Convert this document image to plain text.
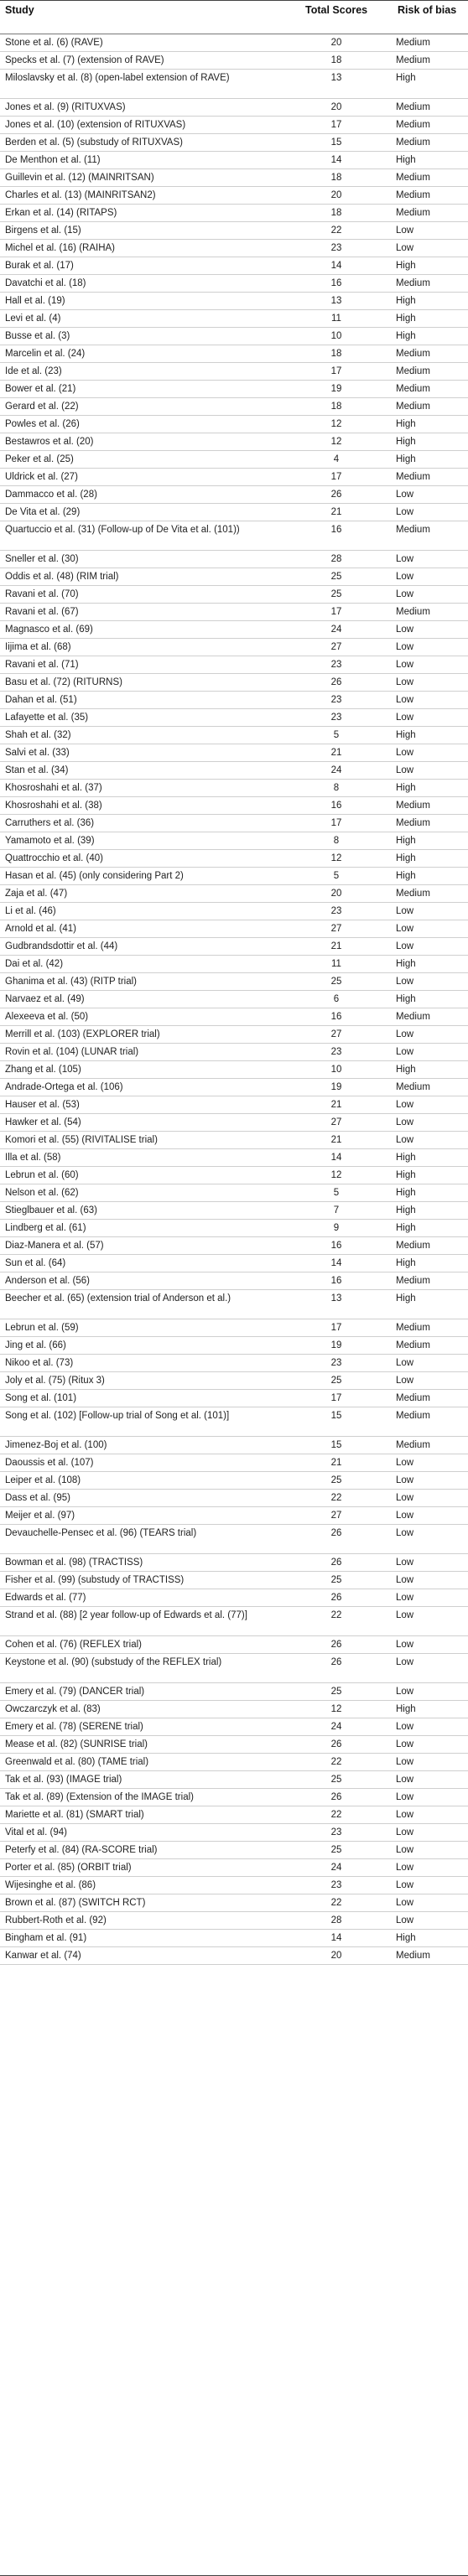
Study	Total Scores	Risk of bias
Stone et al. (6) (RAVE)	20	Medium
Specks et al. (7) (extension of RAVE)	18	Medium
Miloslavsky et al. (8) (open-label extension of RAVE)	13	High
Jones et al. (9) (RITUXVAS)	20	Medium
Jones et al. (10) (extension of RITUXVAS)	17	Medium
Berden et al. (5) (substudy of RITUXVAS)	15	Medium
De Menthon et al. (11)	14	High
Guillevin et al. (12) (MAINRITSAN)	18	Medium
Charles et al. (13) (MAINRITSAN2)	20	Medium
Erkan et al. (14) (RITAPS)	18	Medium
Birgens et al. (15)	22	Low
Michel et al. (16) (RAIHA)	23	Low
Burak et al. (17)	14	High
Davatchi et al. (18)	16	Medium
Hall et al. (19)	13	High
Levi et al. (4)	11	High
Busse et al. (3)	10	High
Marcelin et al. (24)	18	Medium
Ide et al. (23)	17	Medium
Bower et al. (21)	19	Medium
Gerard et al. (22)	18	Medium
Powles et al. (26)	12	High
Bestawros et al. (20)	12	High
Peker et al. (25)	4	High
Uldrick et al. (27)	17	Medium
Dammacco et al. (28)	26	Low
De Vita et al. (29)	21	Low
Quartuccio et al. (31) (Follow-up of De Vita et al. (101))	16	Medium
Sneller et al. (30)	28	Low
Oddis et al. (48) (RIM trial)	25	Low
Ravani et al. (70)	25	Low
Ravani et al. (67)	17	Medium
Magnasco et al. (69)	24	Low
Iijima et al. (68)	27	Low
Ravani et al. (71)	23	Low
Basu et al. (72) (RITURNS)	26	Low
Dahan et al. (51)	23	Low
Lafayette et al. (35)	23	Low
Shah et al. (32)	5	High
Salvi et al. (33)	21	Low
Stan et al. (34)	24	Low
Khosroshahi et al. (37)	8	High
Khosroshahi et al. (38)	16	Medium
Carruthers et al. (36)	17	Medium
Yamamoto et al. (39)	8	High
Quattrocchio et al. (40)	12	High
Hasan et al. (45) (only considering Part 2)	5	High
Zaja et al. (47)	20	Medium
Li et al. (46)	23	Low
Arnold et al. (41)	27	Low
Gudbrandsdottir et al. (44)	21	Low
Dai et al. (42)	11	High
Ghanima et al. (43) (RITP trial)	25	Low
Narvaez et al. (49)	6	High
Alexeeva et al. (50)	16	Medium
Merrill et al. (103) (EXPLORER trial)	27	Low
Rovin et al. (104) (LUNAR trial)	23	Low
Zhang et al. (105)	10	High
Andrade-Ortega et al. (106)	19	Medium
Hauser et al. (53)	21	Low
Hawker et al. (54)	27	Low
Komori et al. (55) (RIVITALISE trial)	21	Low
Illa et al. (58)	14	High
Lebrun et al. (60)	12	High
Nelson et al. (62)	5	High
Stieglbauer et al. (63)	7	High
Lindberg et al. (61)	9	High
Diaz-Manera et al. (57)	16	Medium
Sun et al. (64)	14	High
Anderson et al. (56)	16	Medium
Beecher et al. (65) (extension trial of Anderson et al.)	13	High
Lebrun et al. (59)	17	Medium
Jing et al. (66)	19	Medium
Nikoo et al. (73)	23	Low
Joly et al. (75) (Ritux 3)	25	Low
Song et al. (101)	17	Medium
Song et al. (102) [Follow-up trial of Song et al. (101)]	15	Medium
Jimenez-Boj et al. (100)	15	Medium
Daoussis et al. (107)	21	Low
Leiper et al. (108)	25	Low
Dass et al. (95)	22	Low
Meijer et al. (97)	27	Low
Devauchelle-Pensec et al. (96) (TEARS trial)	26	Low
Bowman et al. (98) (TRACTISS)	26	Low
Fisher et al. (99) (substudy of TRACTISS)	25	Low
Edwards et al. (77)	26	Low
Strand et al. (88) [2 year follow-up of Edwards et al. (77)]	22	Low
Cohen et al. (76) (REFLEX trial)	26	Low
Keystone et al. (90) (substudy of the REFLEX trial)	26	Low
Emery et al. (79) (DANCER trial)	25	Low
Owczarczyk et al. (83)	12	High
Emery et al. (78) (SERENE trial)	24	Low
Mease et al. (82) (SUNRISE trial)	26	Low
Greenwald et al. (80) (TAME trial)	22	Low
Tak et al. (93) (IMAGE trial)	25	Low
Tak et al. (89) (Extension of the IMAGE trial)	26	Low
Mariette et al. (81) (SMART trial)	22	Low
Vital et al. (94)	23	Low
Peterfy et al. (84) (RA-SCORE trial)	25	Low
Porter et al. (85) (ORBIT trial)	24	Low
Wijesinghe et al. (86)	23	Low
Brown et al. (87) (SWITCH RCT)	22	Low
Rubbert-Roth et al. (92)	28	Low
Bingham et al. (91)	14	High
Kanwar et al. (74)	20	Medium
